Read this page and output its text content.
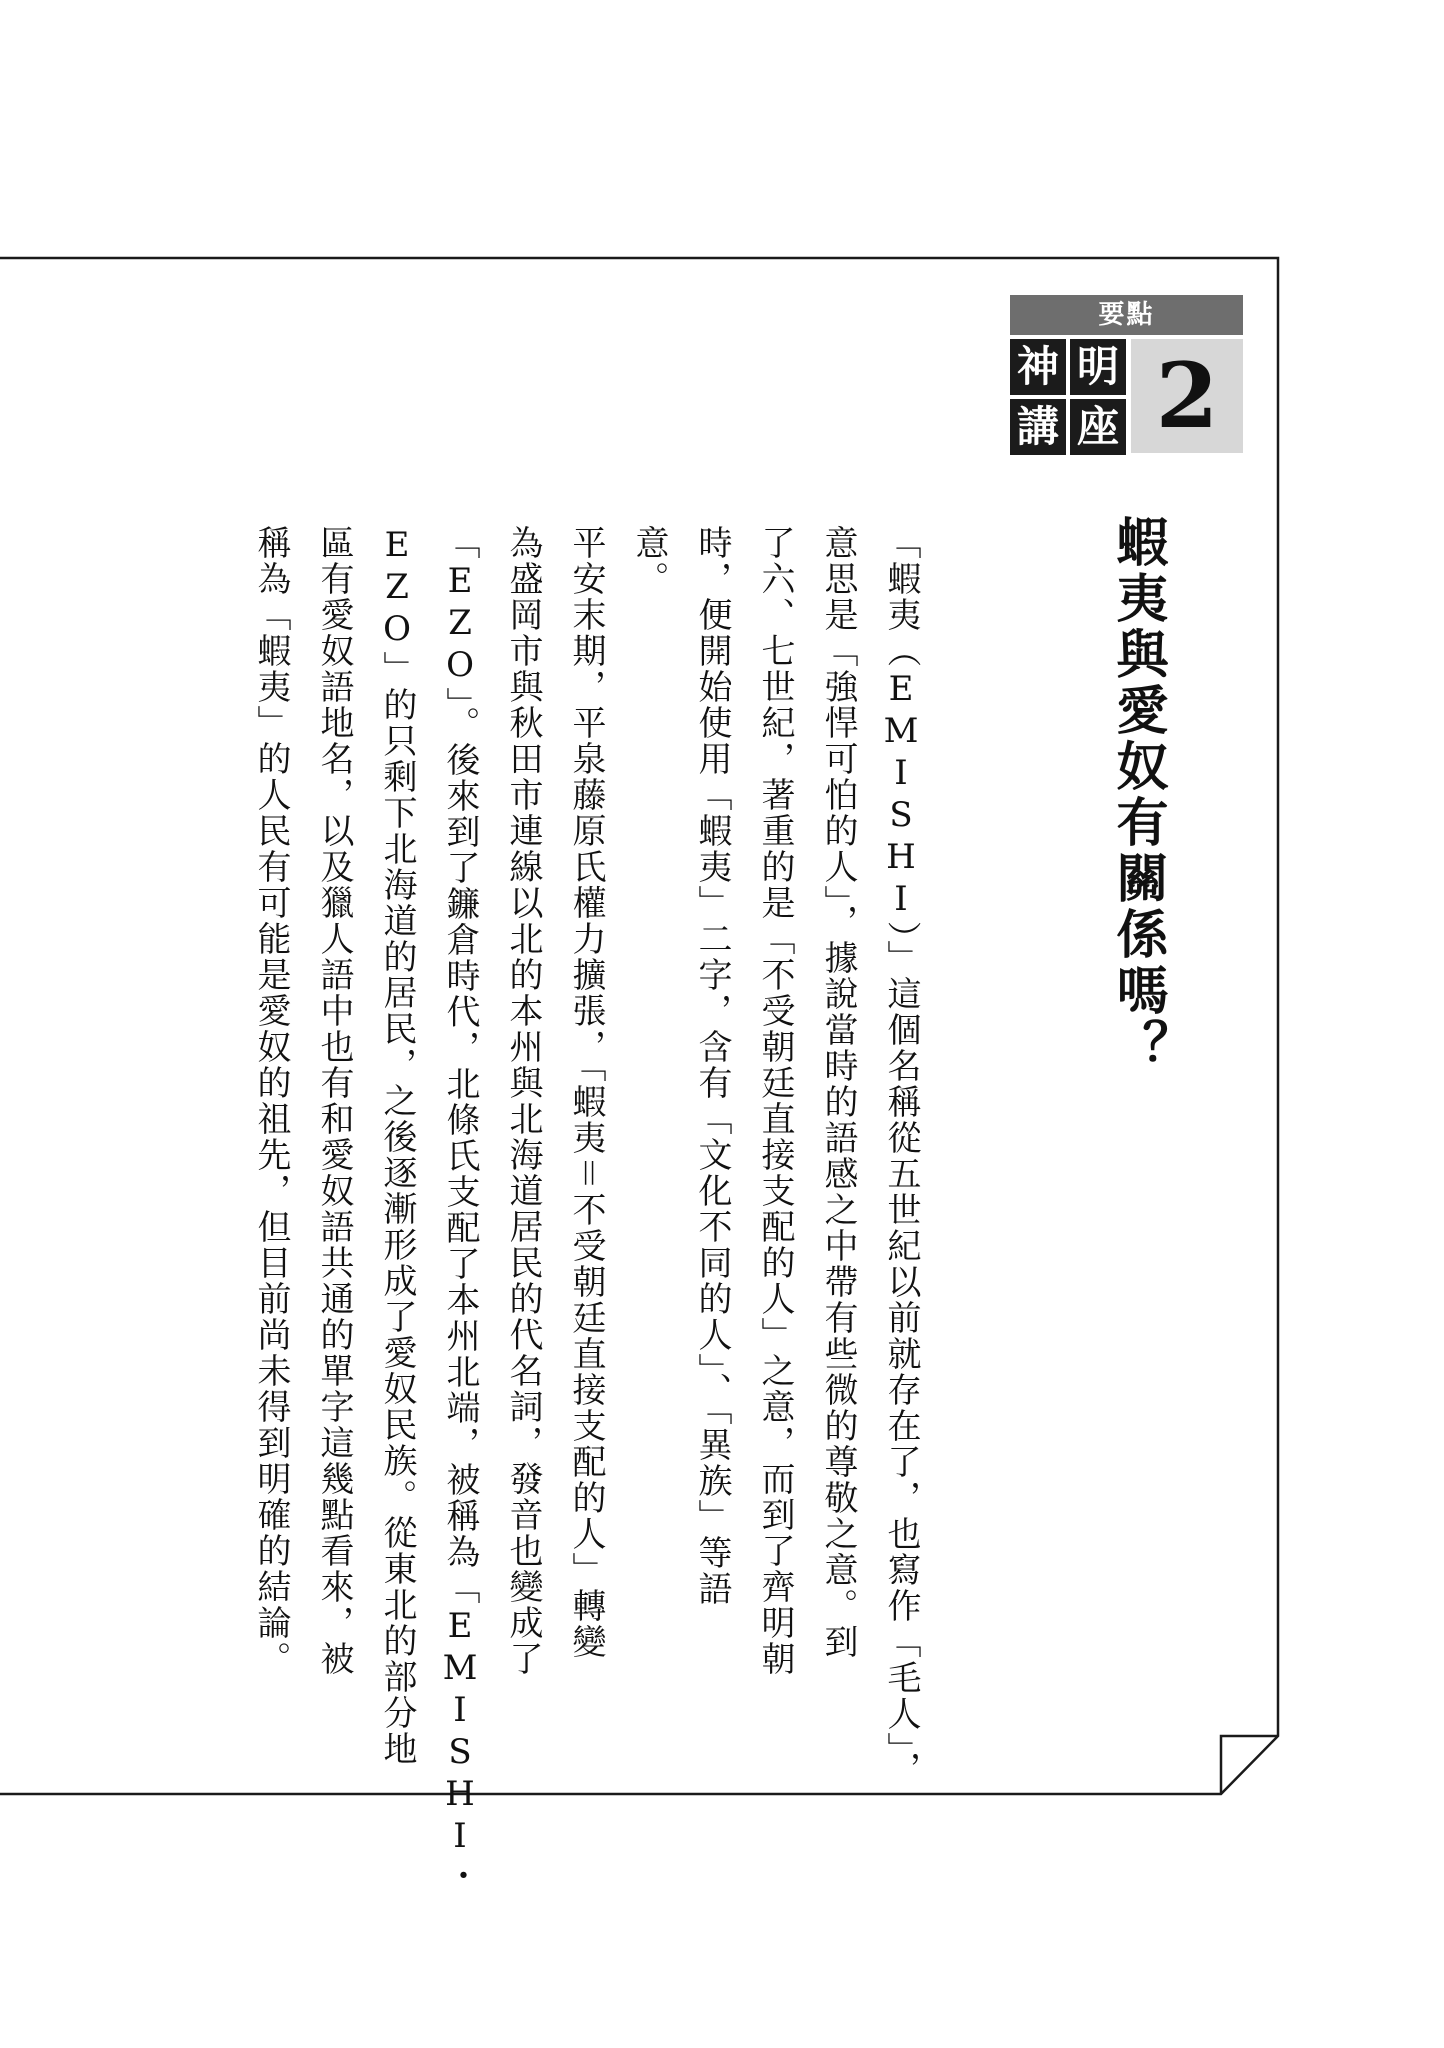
要點
神 明
講 座 2
蝦夷與愛奴有關係嗎？
「蝦夷（EMISHI）」這個名稱從五世紀以前就存在了，也寫作「毛人」，
意思是「強悍可怕的人」，據說當時的語感之中帶有些微的尊敬之意。到
了六、七世紀，著重的是「不受朝廷直接支配的人」之意，而到了齊明朝
時，便開始使用「蝦夷」二字，含有「文化不同的人」、「異族」等語
意。
平安末期，平泉藤原氏權力擴張，「蝦夷＝不受朝廷直接支配的人」轉變
為盛岡市與秋田市連線以北的本州與北海道居民的代名詞，發音也變成了
「EZO」。後來到了鐮倉時代，北條氏支配了本州北端，被稱為「EMISHI・
EZO」的只剩下北海道的居民，之後逐漸形成了愛奴民族。從東北的部分地
區有愛奴語地名，以及獵人語中也有和愛奴語共通的單字這幾點看來，被
稱為「蝦夷」的人民有可能是愛奴的祖先，但目前尚未得到明確的結論。
